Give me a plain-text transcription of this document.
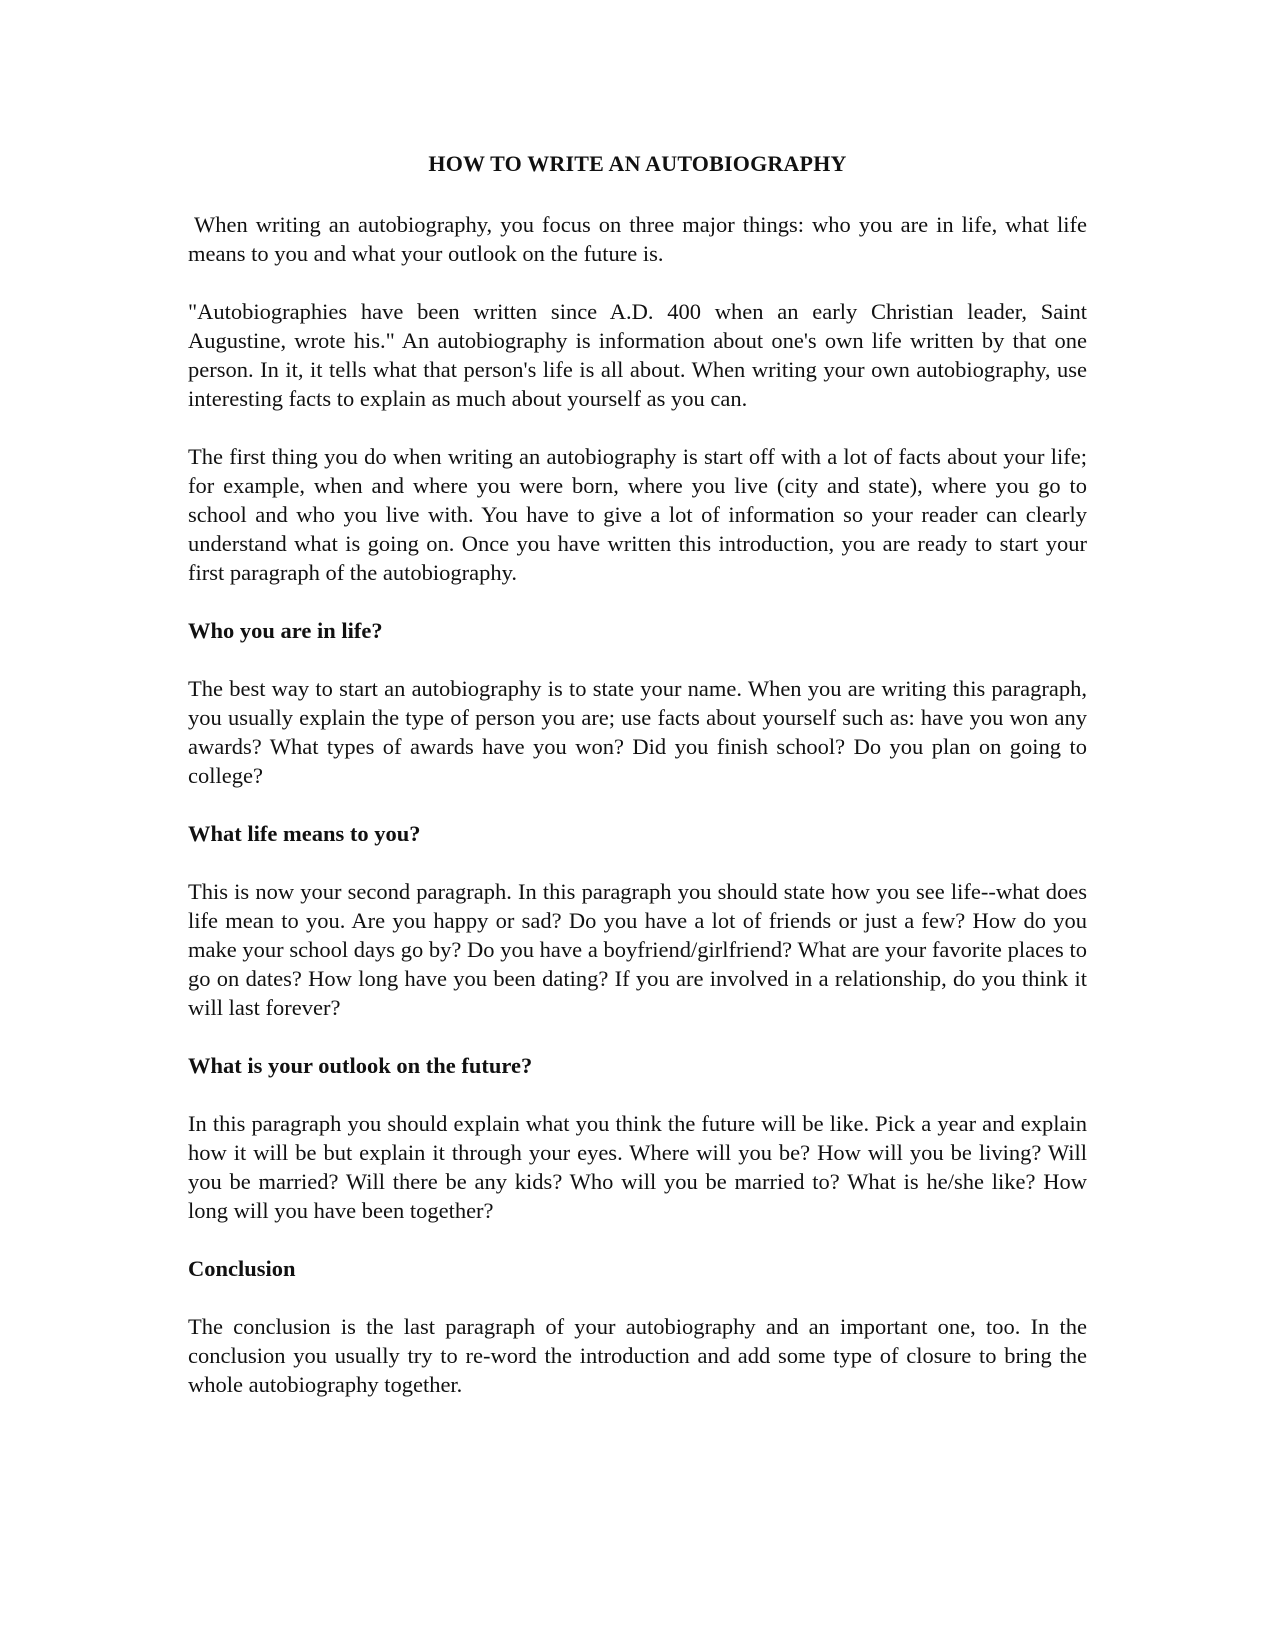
HOW TO WRITE AN AUTOBIOGRAPHY

When writing an autobiography, you focus on three major things: who you are in life, what life means to you and what your outlook on the future is.

"Autobiographies have been written since A.D. 400 when an early Christian leader, Saint Augustine, wrote his." An autobiography is information about one's own life written by that one person. In it, it tells what that person's life is all about. When writing your own autobiography, use interesting facts to explain as much about yourself as you can.

The first thing you do when writing an autobiography is start off with a lot of facts about your life; for example, when and where you were born, where you live (city and state), where you go to school and who you live with. You have to give a lot of information so your reader can clearly understand what is going on. Once you have written this introduction, you are ready to start your first paragraph of the autobiography.

Who you are in life?

The best way to start an autobiography is to state your name. When you are writing this paragraph, you usually explain the type of person you are; use facts about yourself such as: have you won any awards? What types of awards have you won? Did you finish school? Do you plan on going to college?

What life means to you?

This is now your second paragraph. In this paragraph you should state how you see life--what does life mean to you. Are you happy or sad? Do you have a lot of friends or just a few? How do you make your school days go by? Do you have a boyfriend/girlfriend? What are your favorite places to go on dates? How long have you been dating? If you are involved in a relationship, do you think it will last forever?

What is your outlook on the future?

In this paragraph you should explain what you think the future will be like. Pick a year and explain how it will be but explain it through your eyes. Where will you be? How will you be living? Will you be married? Will there be any kids? Who will you be married to? What is he/she like? How long will you have been together?

Conclusion

The conclusion is the last paragraph of your autobiography and an important one, too. In the conclusion you usually try to re-word the introduction and add some type of closure to bring the whole autobiography together.
